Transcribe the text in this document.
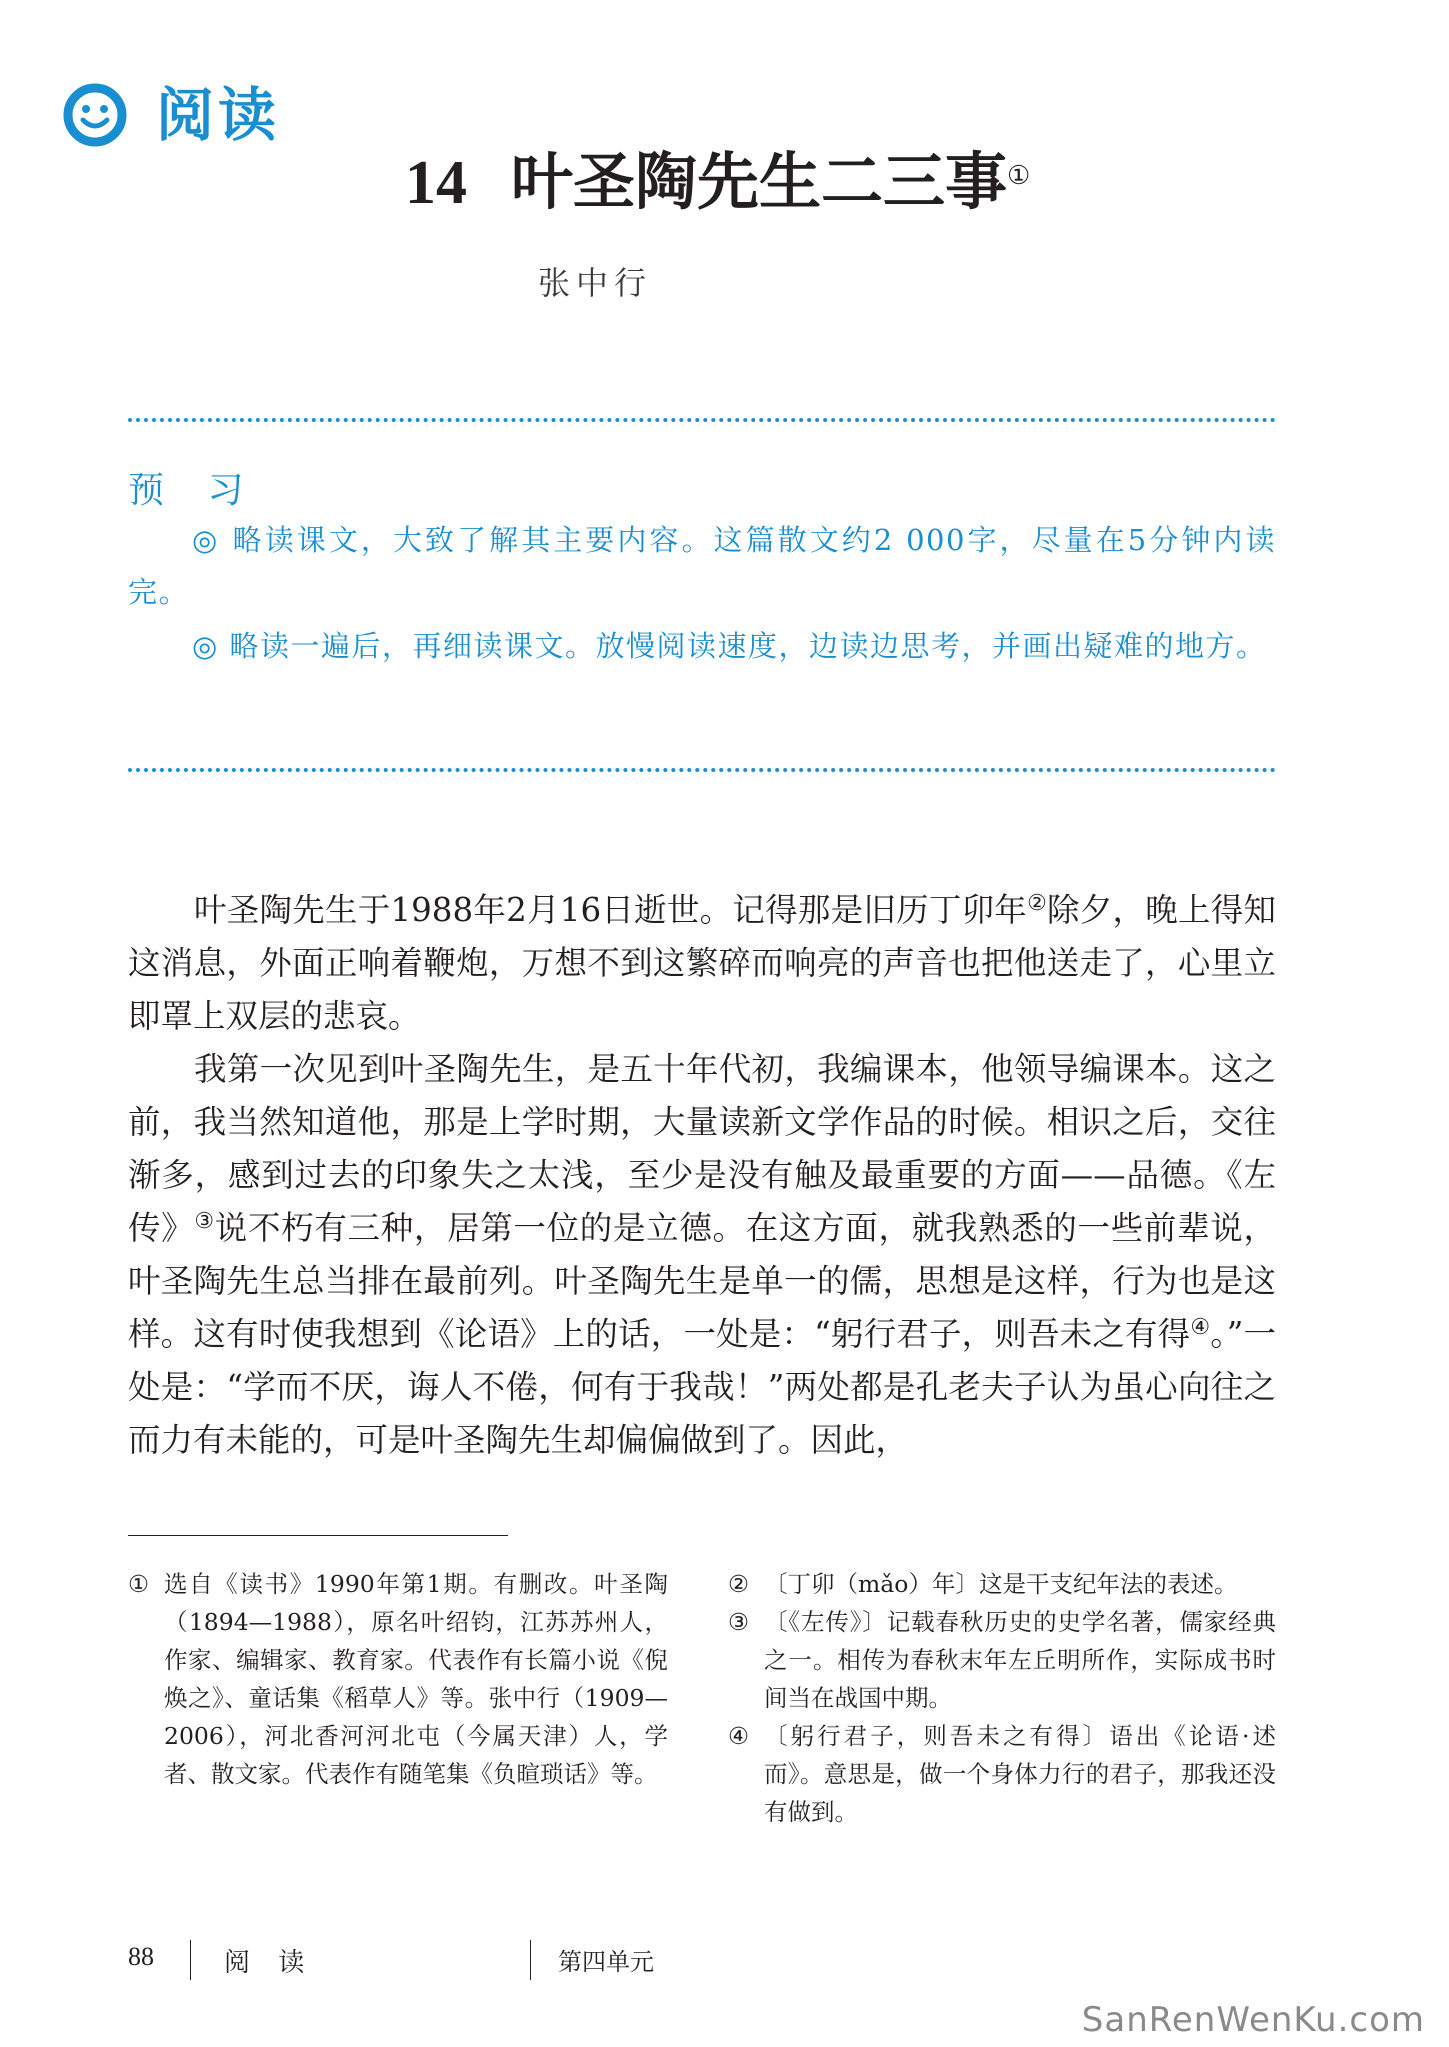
阅读
14 叶圣陶先生二三事①
张中行
预 习
◎ 略读课文，大致了解其主要内容。这篇散文约2 000字，尽量在5分钟内读完。
◎ 略读一遍后，再细读课文。放慢阅读速度，边读边思考，并画出疑难的地方。

叶圣陶先生于1988年2月16日逝世。记得那是旧历丁卯年②除夕，晚上得知这消息，外面正响着鞭炮，万想不到这繁碎而响亮的声音也把他送走了，心里立即罩上双层的悲哀。

我第一次见到叶圣陶先生，是五十年代初，我编课本，他领导编课本。这之前，我当然知道他，那是上学时期，大量读新文学作品的时候。相识之后，交往渐多，感到过去的印象失之太浅，至少是没有触及最重要的方面——品德。《左传》③说不朽有三种，居第一位的是立德。在这方面，就我熟悉的一些前辈说，叶圣陶先生总当排在最前列。叶圣陶先生是单一的儒，思想是这样，行为也是这样。这有时使我想到《论语》上的话，一处是：“躬行君子，则吾未之有得④。”一处是：“学而不厌，诲人不倦，何有于我哉！”两处都是孔老夫子认为虽心向往之而力有未能的，可是叶圣陶先生却偏偏做到了。因此，

① 选自《读书》1990年第1期。有删改。叶圣陶（1894—1988），原名叶绍钧，江苏苏州人，作家、编辑家、教育家。代表作有长篇小说《倪焕之》、童话集《稻草人》等。张中行（1909—2006），河北香河河北屯（今属天津）人，学者、散文家。代表作有随笔集《负暄琐话》等。
② 〔丁卯（mǎo）年〕这是干支纪年法的表述。
③ 〔《左传》〕记载春秋历史的史学名著，儒家经典之一。相传为春秋末年左丘明所作，实际成书时间当在战国中期。
④ 〔躬行君子，则吾未之有得〕语出《论语·述而》。意思是，做一个身体力行的君子，那我还没有做到。
88	阅 读	第四单元
SanRenWenKu.com
